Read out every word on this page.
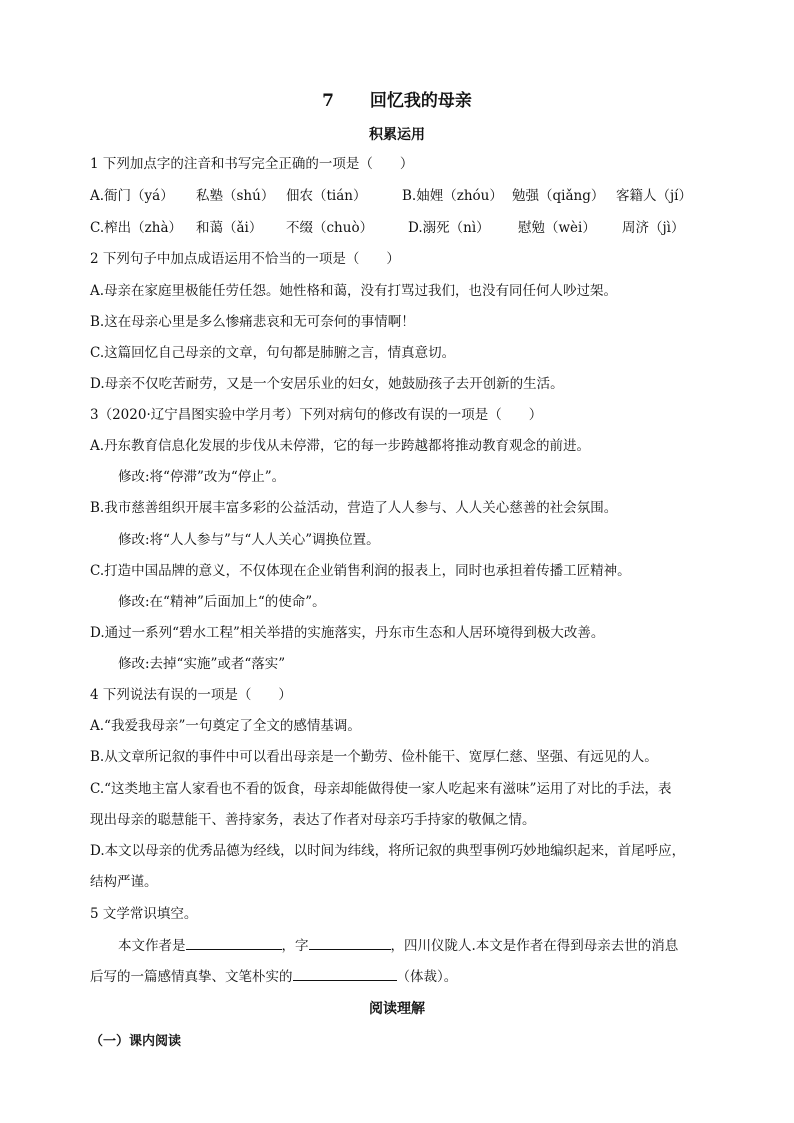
7 回忆我的母亲
积累运用
1 下列加点字的注音和书写完全正确的一项是（　　）
A.衙门（yá） 私塾（shú） 佃农（tián）	B.妯娌（zhóu） 勉强（qiǎng） 客籍人（jí）
C.榨出（zhà） 和蔼（ǎi） 不缀（chuò）	D.溺死（nì） 慰勉（wèi） 周济（jì）
2 下列句子中加点成语运用不恰当的一项是（　　）
A.母亲在家庭里极能任劳任怨。她性格和蔼，没有打骂过我们，也没有同任何人吵过架。
B.这在母亲心里是多么惨痛悲哀和无可奈何的事情啊！
C.这篇回忆自己母亲的文章，句句都是肺腑之言，情真意切。
D.母亲不仅吃苦耐劳，又是一个安居乐业的妇女，她鼓励孩子去开创新的生活。
3（2020·辽宁昌图实验中学月考）下列对病句的修改有误的一项是（　　）
A.丹东教育信息化发展的步伐从未停滞，它的每一步跨越都将推动教育观念的前进。
修改:将“停滞”改为“停止”。
B.我市慈善组织开展丰富多彩的公益活动，营造了人人参与、人人关心慈善的社会氛围。
修改:将“人人参与”与“人人关心”调换位置。
C.打造中国品牌的意义，不仅体现在企业销售利润的报表上，同时也承担着传播工匠精神。
修改:在“精神”后面加上“的使命”。
D.通过一系列“碧水工程”相关举措的实施落实，丹东市生态和人居环境得到极大改善。
修改:去掉“实施”或者“落实”
4 下列说法有误的一项是（　　）
A.“我爱我母亲”一句奠定了全文的感情基调。
B.从文章所记叙的事件中可以看出母亲是一个勤劳、俭朴能干、宽厚仁慈、坚强、有远见的人。
C.“这类地主富人家看也不看的饭食，母亲却能做得使一家人吃起来有滋味”运用了对比的手法，表
现出母亲的聪慧能干、善持家务，表达了作者对母亲巧手持家的敬佩之情。
D.本文以母亲的优秀品德为经线，以时间为纬线，将所记叙的典型事例巧妙地编织起来，首尾呼应，
结构严谨。
5 文学常识填空。
本文作者是	，字	，四川仪陇人.本文是作者在得到母亲去世的消息
后写的一篇感情真挚、文笔朴实的	（体裁）。
阅读理解
（一）课内阅读
